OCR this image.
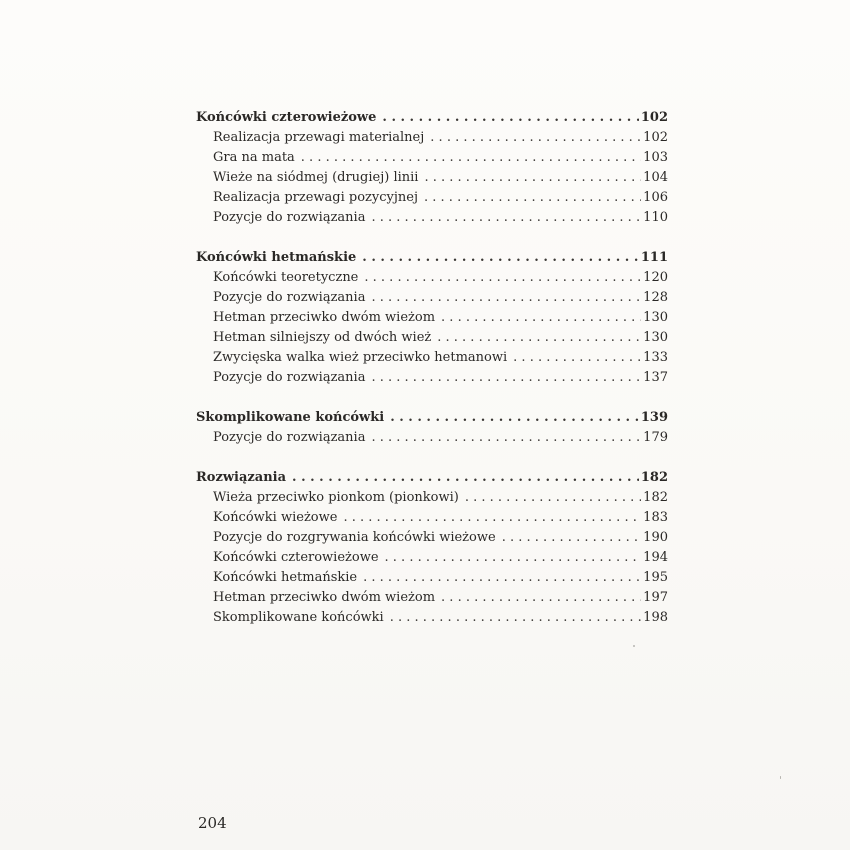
Końcówki czterowieżowe . . .	102
Realizacja przewagi materialnej . . .	102
Gra na mata . . .	103
Wieże na siódmej (drugiej) linii . . .	104
Realizacja przewagi pozycyjnej . . .	106
Pozycje do rozwiązania . . .	110
Końcówki hetmańskie . . .	111
Końcówki teoretyczne . . .	120
Pozycje do rozwiązania . . .	128
Hetman przeciwko dwóm wieżom . . .	130
Hetman silniejszy od dwóch wież . . .	130
Zwycięska walka wież przeciwko hetmanowi . . .	133
Pozycje do rozwiązania . . .	137
Skomplikowane końcówki . . .	139
Pozycje do rozwiązania . . .	179
Rozwiązania . . .	182
Wieża przeciwko pionkom (pionkowi) . . .	182
Końcówki wieżowe . . .	183
Pozycje do rozgrywania końcówki wieżowe . . .	190
Końcówki czterowieżowe . . .	194
Końcówki hetmańskie . . .	195
Hetman przeciwko dwóm wieżom . . .	197
Skomplikowane końcówki . . .	198
204
